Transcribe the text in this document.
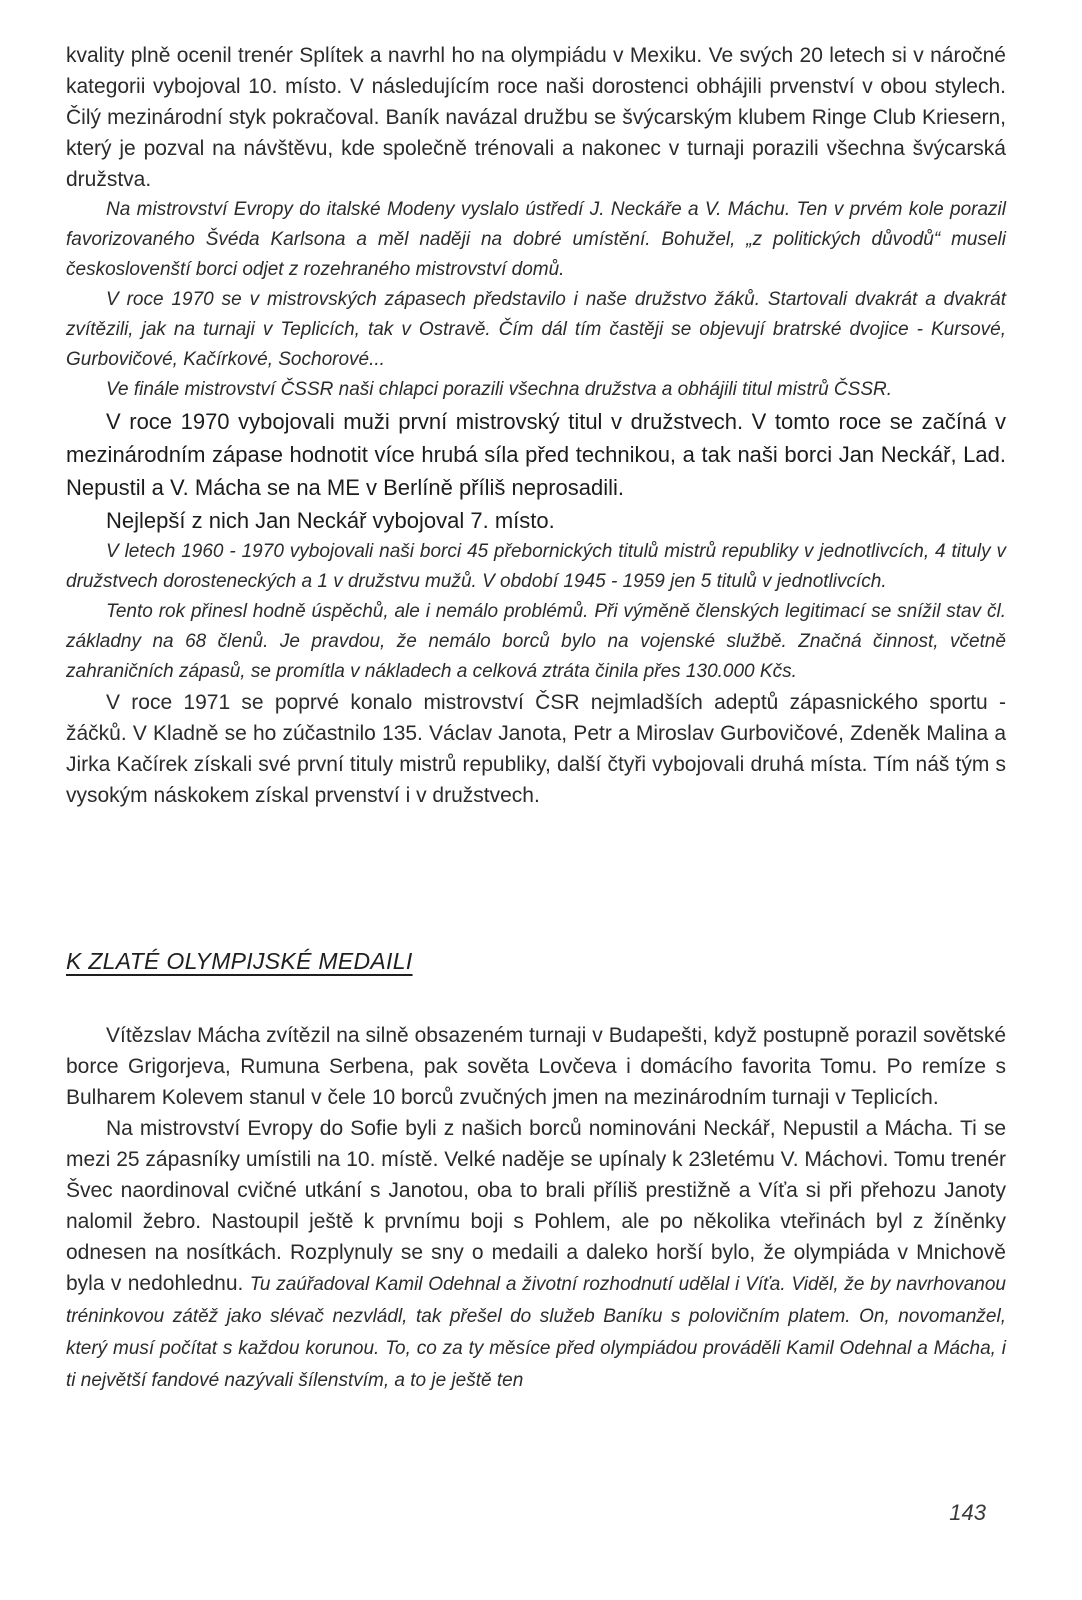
kvality plně ocenil trenér Splítek a navrhl ho na olympiádu v Mexiku. Ve svých 20 letech si v náročné kategorii vybojoval 10. místo. V následujícím roce naši dorostenci obhájili prvenství v obou stylech. Čilý mezinárodní styk pokračoval. Baník navázal družbu se švýcarským klubem Ringe Club Kriesern, který je pozval na návštěvu, kde společně trénovali a nakonec v turnaji porazili všechna švýcarská družstva.

Na mistrovství Evropy do italské Modeny vyslalo ústředí J. Neckáře a V. Máchu. Ten v prvém kole porazil favorizovaného Švéda Karlsona a měl naději na dobré umístění. Bohužel, „z politických důvodů“ museli českoslovenští borci odjet z rozehraného mistrovství domů.

V roce 1970 se v mistrovských zápasech představilo i naše družstvo žáků. Startovali dvakrát a dvakrát zvítězili, jak na turnaji v Teplicích, tak v Ostravě. Čím dál tím častěji se objevují bratrské dvojice - Kursové, Gurbovičové, Kačírkové, Sochorové...

Ve finále mistrovství ČSSR naši chlapci porazili všechna družstva a obhájili titul mistrů ČSSR.

V roce 1970 vybojovali muži první mistrovský titul v družstvech. V tomto roce se začíná v mezinárodním zápase hodnotit více hrubá síla před technikou, a tak naši borci Jan Neckář, Lad. Nepustil a V. Mácha se na ME v Berlíně příliš neprosadili.

Nejlepší z nich Jan Neckář vybojoval 7. místo.

V letech 1960 - 1970 vybojovali naši borci 45 přebornických titulů mistrů republiky v jednotlivcích, 4 tituly v družstvech dorosteneckých a 1 v družstvu mužů. V období 1945 - 1959 jen 5 titulů v jednotlivcích.

Tento rok přinesl hodně úspěchů, ale i nemálo problémů. Při výměně členských legitimací se snížil stav čl. základny na 68 členů. Je pravdou, že nemálo borců bylo na vojenské službě. Značná činnost, včetně zahraničních zápasů, se promítla v nákladech a celková ztráta činila přes 130.000 Kčs.

V roce 1971 se poprvé konalo mistrovství ČSR nejmladších adeptů zápasnického sportu - žáčků. V Kladně se ho zúčastnilo 135. Václav Janota, Petr a Miroslav Gurbovičové, Zdeněk Malina a Jirka Kačírek získali své první tituly mistrů republiky, další čtyři vybojovali druhá místa. Tím náš tým s vysokým náskokem získal prvenství i v družstvech.

K ZLATÉ OLYMPIJSKÉ MEDAILI

Vítězslav Mácha zvítězil na silně obsazeném turnaji v Budapešti, když postupně porazil sovětské borce Grigorjeva, Rumuna Serbena, pak sověta Lovčeva i domácího favorita Tomu. Po remíze s Bulharem Kolevem stanul v čele 10 borců zvučných jmen na mezinárodním turnaji v Teplicích.

Na mistrovství Evropy do Sofie byli z našich borců nominováni Neckář, Nepustil a Mácha. Ti se mezi 25 zápasníky umístili na 10. místě. Velké naděje se upínaly k 23letému V. Máchovi. Tomu trenér Švec naordinoval cvičné utkání s Janotou, oba to brali příliš prestižně a Víťa si při přehozu Janoty nalomil žebro. Nastoupil ještě k prvnímu boji s Pohlem, ale po několika vteřinách byl z žíněnky odnesen na nosítkách. Rozplynuly se sny o medaili a daleko horší bylo, že olympiáda v Mnichově byla v nedohlednu. Tu zaúřadoval Kamil Odehnal a životní rozhodnutí udělal i Víťa. Viděl, že by navrhovanou tréninkovou zátěž jako slévač nezvládl, tak přešel do služeb Baníku s polovičním platem. On, novomanžel, který musí počítat s každou korunou. To, co za ty měsíce před olympiádou prováděli Kamil Odehnal a Mácha, i ti největší fandové nazývali šílenstvím, a to je ještě ten

143
